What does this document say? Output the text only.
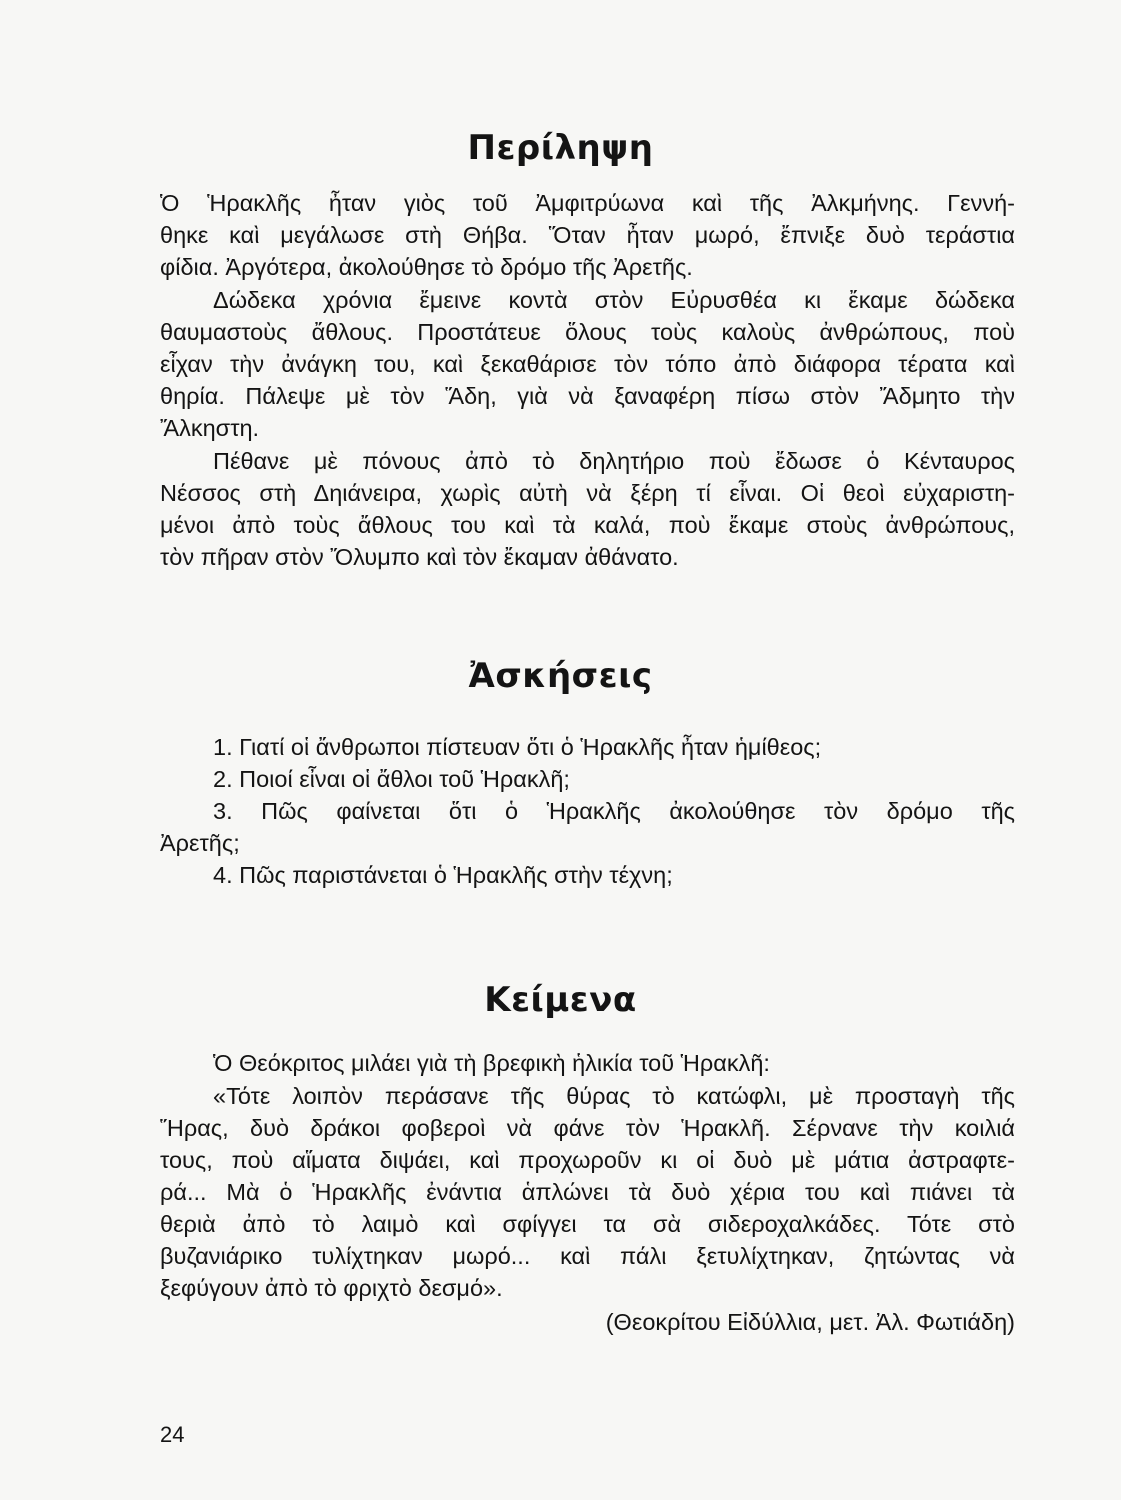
Περίληψη

Ὁ Ἡρακλῆς ἦταν γιὸς τοῦ Ἀμφιτρύωνα καὶ τῆς Ἀλκμήνης. Γεννή-

θηκε καὶ μεγάλωσε στὴ Θήβα. Ὅταν ἦταν μωρό, ἔπνιξε δυὸ τεράστια

φίδια. Ἀργότερα, ἀκολούθησε τὸ δρόμο τῆς Ἀρετῆς.

Δώδεκα χρόνια ἔμεινε κοντὰ στὸν Εὐρυσθέα κι ἔκαμε δώδεκα

θαυμαστοὺς ἄθλους. Προστάτευε ὅλους τοὺς καλοὺς ἀνθρώπους, ποὺ

εἶχαν τὴν ἀνάγκη του, καὶ ξεκαθάρισε τὸν τόπο ἀπὸ διάφορα τέρατα καὶ

θηρία. Πάλεψε μὲ τὸν Ἅδη, γιὰ νὰ ξαναφέρη πίσω στὸν Ἄδμητο τὴν

Ἄλκηστη.

Πέθανε μὲ πόνους ἀπὸ τὸ δηλητήριο ποὺ ἔδωσε ὁ Κένταυρος

Νέσσος στὴ Δηιάνειρα, χωρὶς αὐτὴ νὰ ξέρη τί εἶναι. Οἱ θεοὶ εὐχαριστη-

μένοι ἀπὸ τοὺς ἄθλους του καὶ τὰ καλά, ποὺ ἔκαμε στοὺς ἀνθρώπους,

τὸν πῆραν στὸν Ὄλυμπο καὶ τὸν ἔκαμαν ἀθάνατο.

Ἀσκήσεις

1. Γιατί οἱ ἄνθρωποι πίστευαν ὅτι ὁ Ἡρακλῆς ἦταν ἡμίθεος;

2. Ποιοί εἶναι οἱ ἄθλοι τοῦ Ἡρακλῆ;

3. Πῶς φαίνεται ὅτι ὁ Ἡρακλῆς ἀκολούθησε τὸν δρόμο τῆς

Ἀρετῆς;

4. Πῶς παριστάνεται ὁ Ἡρακλῆς στὴν τέχνη;

Κείμενα

Ὁ Θεόκριτος μιλάει γιὰ τὴ βρεφικὴ ἡλικία τοῦ Ἡρακλῆ:

«Τότε λοιπὸν περάσανε τῆς θύρας τὸ κατώφλι, μὲ προσταγὴ τῆς

Ἥρας, δυὸ δράκοι φοβεροὶ νὰ φάνε τὸν Ἡρακλῆ. Σέρνανε τὴν κοιλιά

τους, ποὺ αἵματα διψάει, καὶ προχωροῦν κι οἱ δυὸ μὲ μάτια ἀστραφτε-

ρά... Μὰ ὁ Ἡρακλῆς ἐνάντια ἁπλώνει τὰ δυὸ χέρια του καὶ πιάνει τὰ

θεριὰ ἀπὸ τὸ λαιμὸ καὶ σφίγγει τα σὰ σιδεροχαλκάδες. Τότε στὸ

βυζανιάρικο τυλίχτηκαν μωρό... καὶ πάλι ξετυλίχτηκαν, ζητώντας νὰ

ξεφύγουν ἀπὸ τὸ φριχτὸ δεσμό».

(Θεοκρίτου Εἰδύλλια, μετ. Ἀλ. Φωτιάδη)

24
